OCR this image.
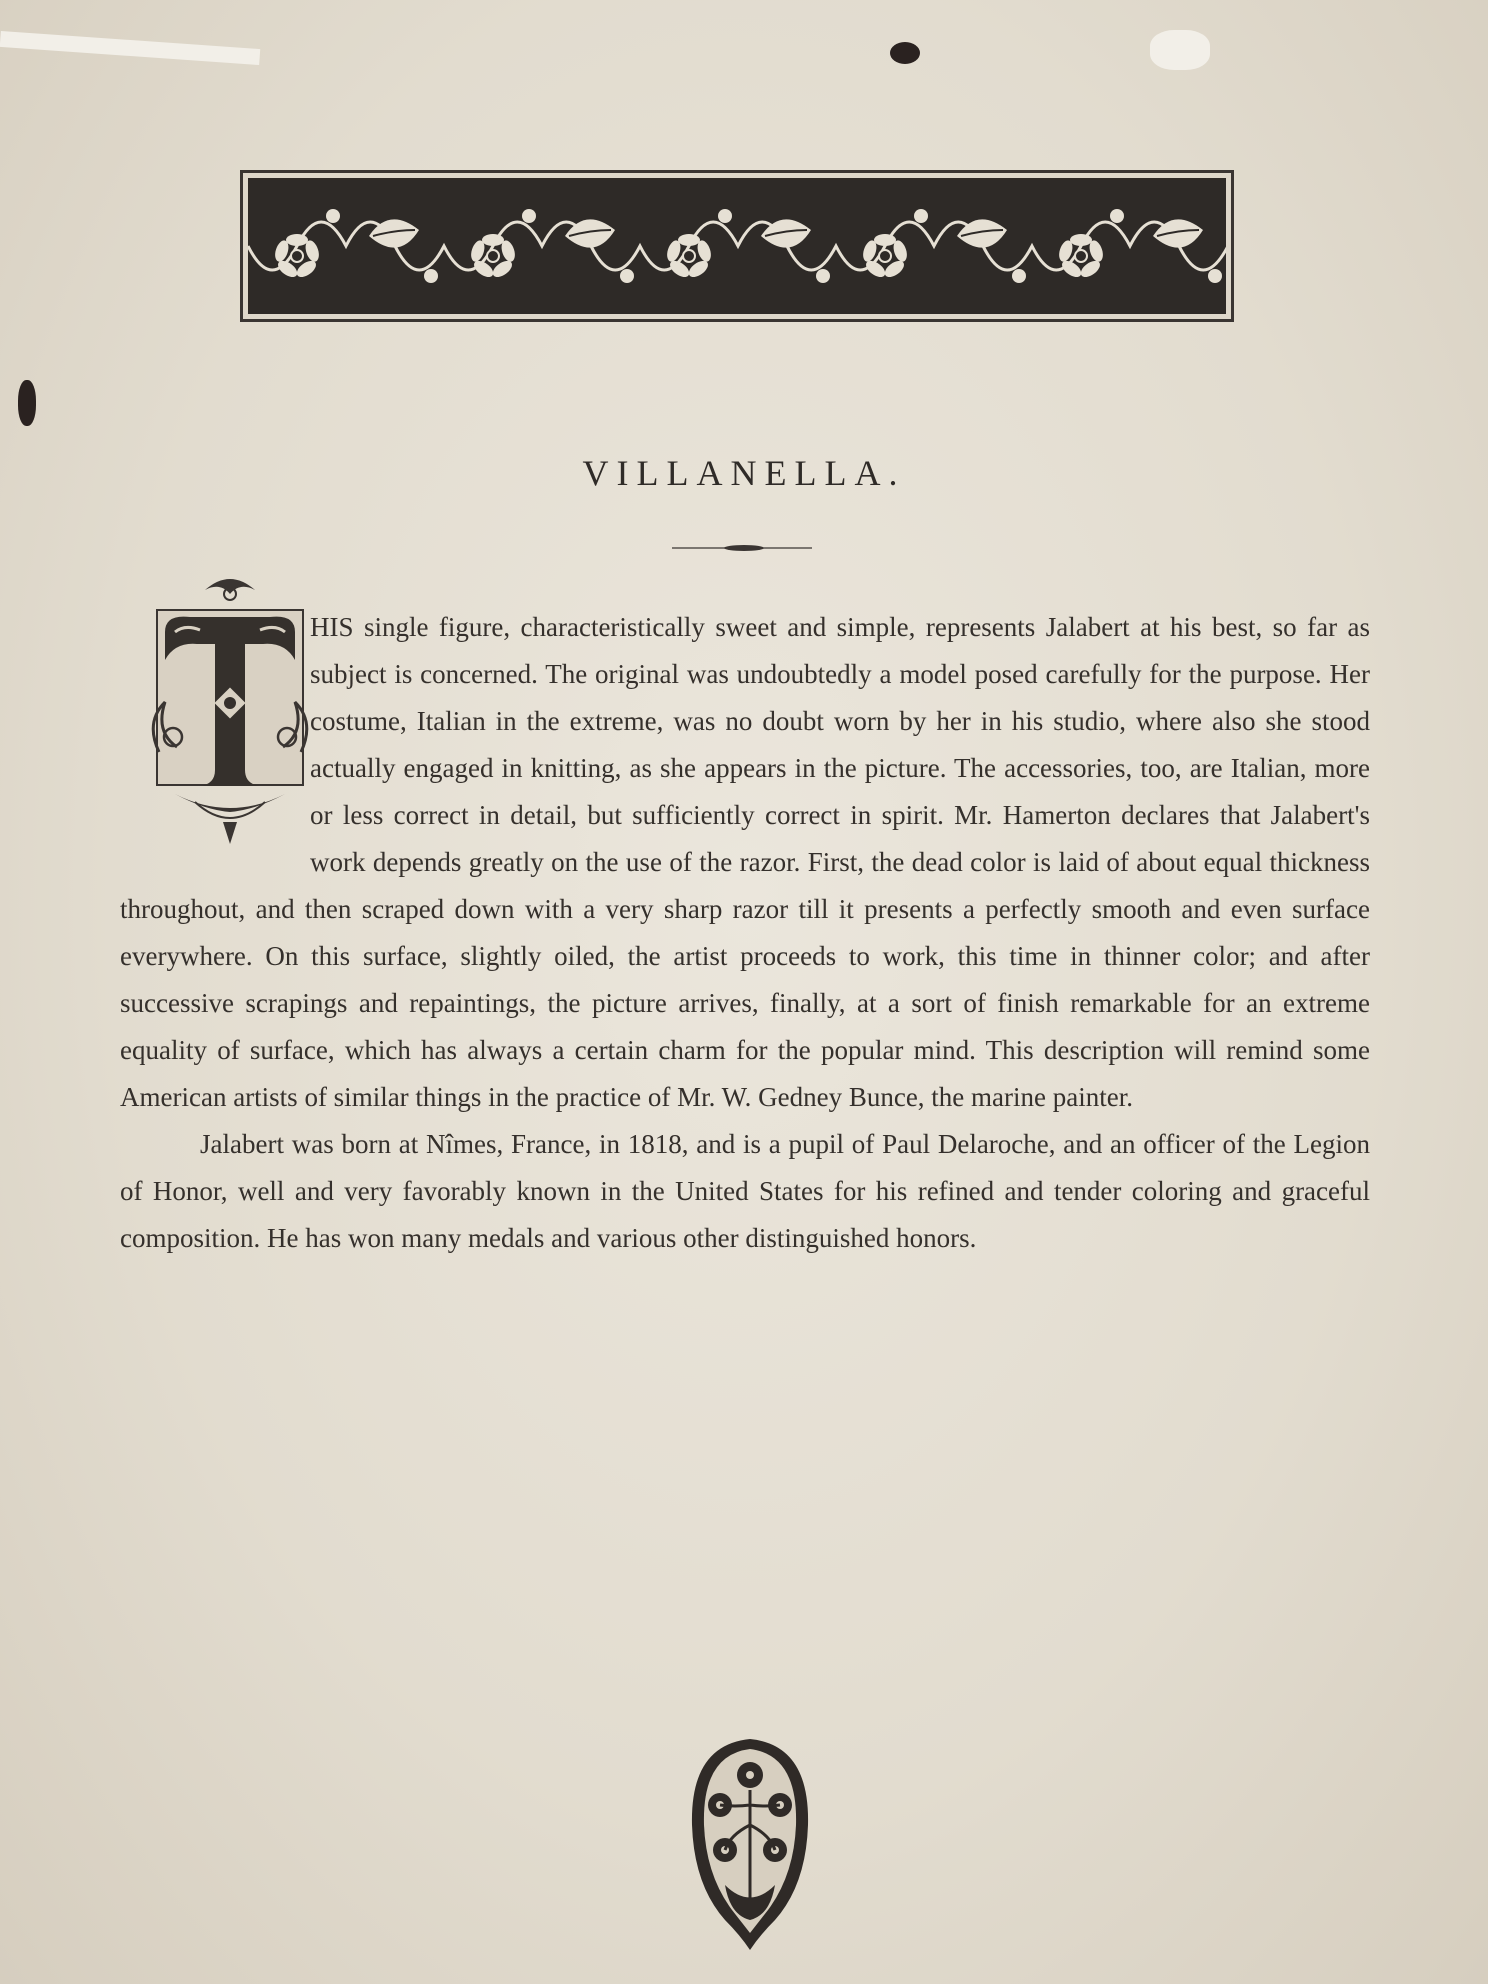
VILLANELLA.

HIS single figure, characteristically sweet and simple, represents Jalabert at his best, so far as subject is concerned. The original was undoubtedly a model posed carefully for the purpose. Her costume, Italian in the extreme, was no doubt worn by her in his studio, where also she stood actually engaged in knitting, as she appears in the picture. The accessories, too, are Italian, more or less correct in detail, but sufficiently correct in spirit. Mr. Hamerton declares that Jalabert's work depends greatly on the use of the razor. First, the dead color is laid of about equal thickness throughout, and then scraped down with a very sharp razor till it presents a perfectly smooth and even surface everywhere. On this surface, slightly oiled, the artist proceeds to work, this time in thinner color; and after successive scrapings and repaintings, the picture arrives, finally, at a sort of finish remarkable for an extreme equality of surface, which has always a certain charm for the popular mind. This description will remind some American artists of similar things in the practice of Mr. W. Gedney Bunce, the marine painter.

Jalabert was born at Nîmes, France, in 1818, and is a pupil of Paul Delaroche, and an officer of the Legion of Honor, well and very favorably known in the United States for his refined and tender coloring and graceful composition. He has won many medals and various other distinguished honors.
